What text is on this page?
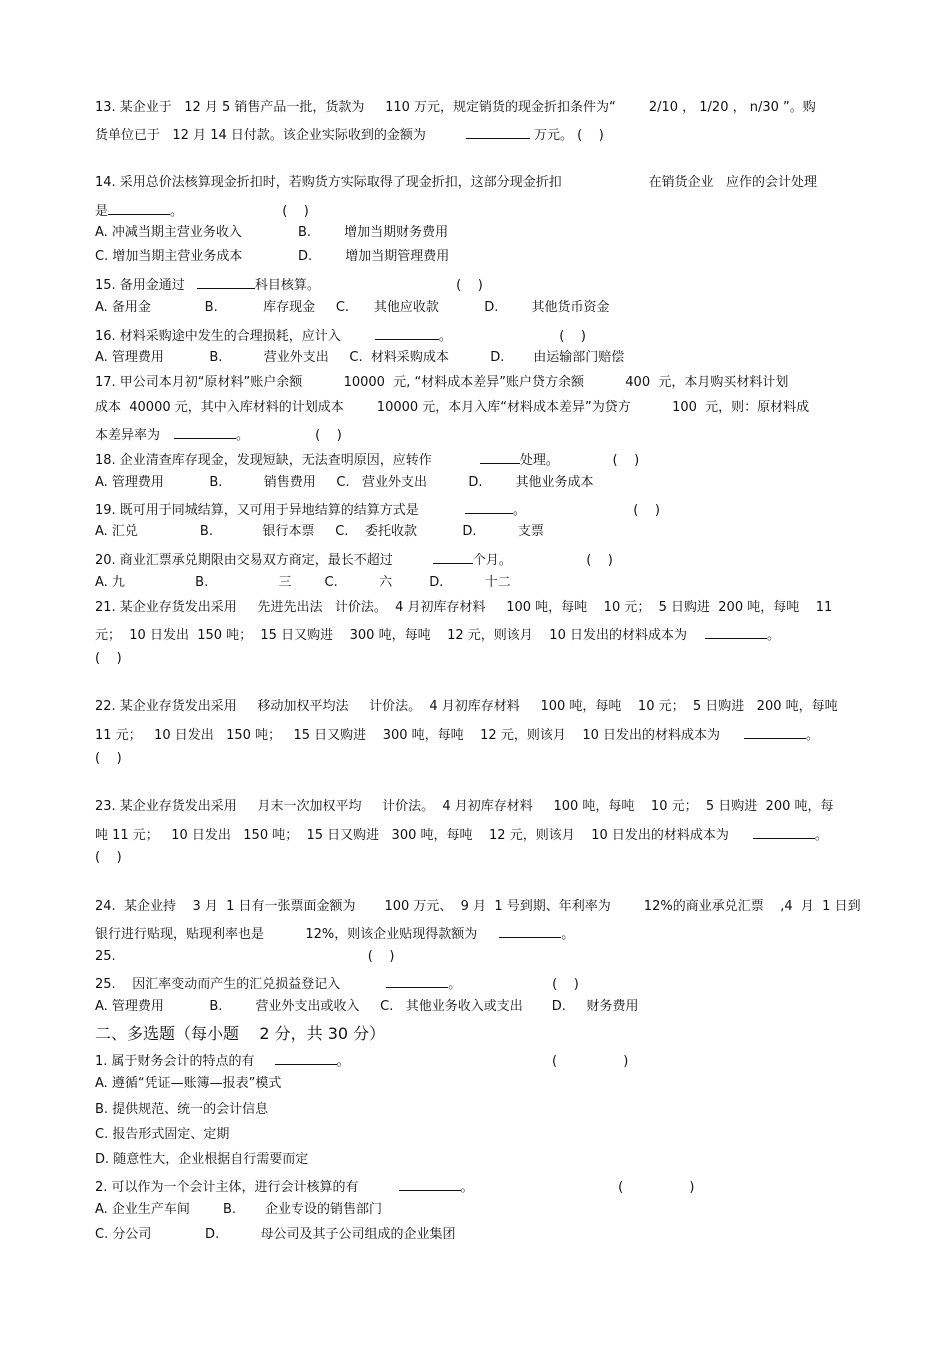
13. 某企业于   12 月 5 销售产品一批，货款为     110 万元，规定销货的现金折扣条件为“        2/10 ， 1/20 ， n/30 ”。购
货单位已于   12 月 14 日付款。该企业实际收到的金额为	万元。 (    )
14. 采用总价法核算现金折扣时，若购货方实际取得了现金折扣，这部分现金折扣                     在销货企业   应作的会计处理
是	。                        (    )
A. 冲减当期主营业务收入	B.        增加当期财务费用
C. 增加当期主营业务成本	D.        增加当期管理费用
15. 备用金通过	科目核算。                                 (    )
A. 备用金             B.           库存现金     C.      其他应收款           D.        其他货币资金
16. 材料采购途中发生的合理损耗，应计入	。                          (    )
A. 管理费用           B.          营业外支出     C.  材料采购成本          D.       由运输部门赔偿
17. 甲公司本月初“原材料”账户余额          10000  元, “材料成本差异”账户贷方余额          400  元，本月购买材料计划
成本  40000 元，其中入库材料的计划成本        10000 元，本月入库“材料成本差异”为贷方          100  元，则：原材料成
本差异率为	。                (    )
18. 企业清查库存现金，发现短缺，无法查明原因，应转作	处理。             (    )
A. 管理费用           B.          销售费用     C.   营业外支出          D.        其他业务成本
19. 既可用于同城结算，又可用于异地结算的结算方式是	。                          (    )
A. 汇兑               B.            银行本票     C.    委托收款           D.          支票
20. 商业汇票承兑期限由交易双方商定，最长不超过	个月。                  (    )
A. 九                 B.                 三        C.          六         D.          十二
21. 某企业存货发出采用     先进先出法   计价法。  4 月初库存材料     100 吨，每吨    10 元；  5 日购进  200 吨，每吨    11
元；  10 日发出  150 吨；  15 日又购进    300 吨，每吨    12 元，则该月    10 日发出的材料成本为	。
(    )
22. 某企业存货发出采用     移动加权平均法     计价法。  4 月初库存材料     100 吨，每吨    10 元；  5 日购进   200 吨，每吨
11 元；   10 日发出   150 吨；   15 日又购进    300 吨，每吨    12 元，则该月    10 日发出的材料成本为	。
(    )
23. 某企业存货发出采用     月末一次加权平均     计价法。  4 月初库存材料     100 吨，每吨    10 元；  5 日购进  200 吨，每
吨 11 元；   10 日发出   150 吨；  15 日又购进   300 吨，每吨    12 元，则该月    10 日发出的材料成本为	。
(    )
24.  某企业持    3 月  1 日有一张票面金额为       100 万元、  9 月  1 号到期、年利率为        12%的商业承兑汇票    ,4  月  1 日到
银行进行贴现，贴现利率也是          12%，则该企业贴现得款额为	。
25.                                                             (    )
25.    因汇率变动而产生的汇兑损益登记入	。                      (    )
A. 管理费用           B.        营业外支出或收入     C.   其他业务收入或支出       D.     财务费用
二、多选题（每小题    2 分，共 30 分）
1. 属于财务会计的特点的有	。                                                 (                )
A. 遵循“凭证—账簿—报表”模式
B. 提供规范、统一的会计信息
C. 报告形式固定、定期
D. 随意性大，企业根据自行需要而定
2. 可以作为一个会计主体，进行会计核算的有	。                                   (                )
A. 企业生产车间        B.       企业专设的销售部门
C. 分公司             D.          母公司及其子公司组成的企业集团
